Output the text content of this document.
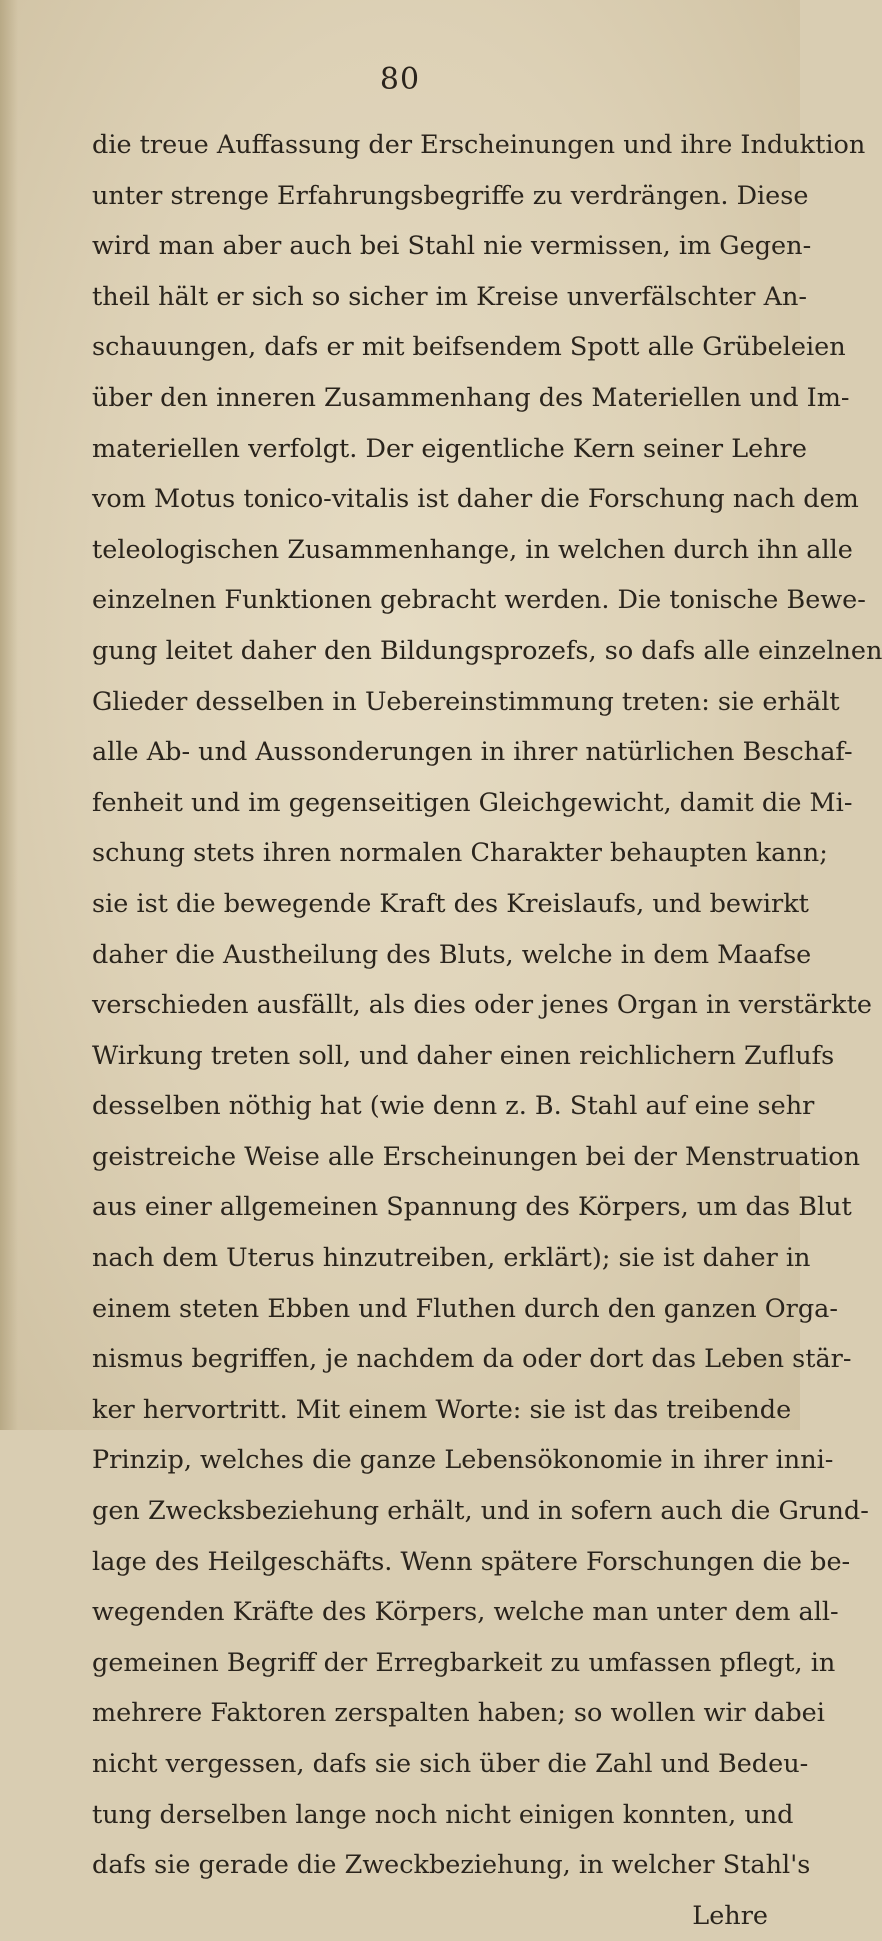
80
die treue Auffassung der Erscheinungen und ihre Induktion
unter strenge Erfahrungsbegriffe zu verdrängen. Diese
wird man aber auch bei Stahl nie vermissen, im Gegen-
theil hält er sich so sicher im Kreise unverfälschter An-
schauungen, dafs er mit beifsendem Spott alle Grübeleien
über den inneren Zusammenhang des Materiellen und Im-
materiellen verfolgt. Der eigentliche Kern seiner Lehre
vom Motus tonico-vitalis ist daher die Forschung nach dem
teleologischen Zusammenhange, in welchen durch ihn alle
einzelnen Funktionen gebracht werden. Die tonische Bewe-
gung leitet daher den Bildungsprozefs, so dafs alle einzelnen
Glieder desselben in Uebereinstimmung treten: sie erhält
alle Ab- und Aussonderungen in ihrer natürlichen Beschaf-
fenheit und im gegenseitigen Gleichgewicht, damit die Mi-
schung stets ihren normalen Charakter behaupten kann;
sie ist die bewegende Kraft des Kreislaufs, und bewirkt
daher die Austheilung des Bluts, welche in dem Maafse
verschieden ausfällt, als dies oder jenes Organ in verstärkte
Wirkung treten soll, und daher einen reichlichern Zuflufs
desselben nöthig hat (wie denn z. B. Stahl auf eine sehr
geistreiche Weise alle Erscheinungen bei der Menstruation
aus einer allgemeinen Spannung des Körpers, um das Blut
nach dem Uterus hinzutreiben, erklärt); sie ist daher in
einem steten Ebben und Fluthen durch den ganzen Orga-
nismus begriffen, je nachdem da oder dort das Leben stär-
ker hervortritt. Mit einem Worte: sie ist das treibende
Prinzip, welches die ganze Lebensökonomie in ihrer inni-
gen Zwecksbeziehung erhält, und in sofern auch die Grund-
lage des Heilgeschäfts. Wenn spätere Forschungen die be-
wegenden Kräfte des Körpers, welche man unter dem all-
gemeinen Begriff der Erregbarkeit zu umfassen pflegt, in
mehrere Faktoren zerspalten haben; so wollen wir dabei
nicht vergessen, dafs sie sich über die Zahl und Bedeu-
tung derselben lange noch nicht einigen konnten, und
dafs sie gerade die Zweckbeziehung, in welcher Stahl's
Lehre
